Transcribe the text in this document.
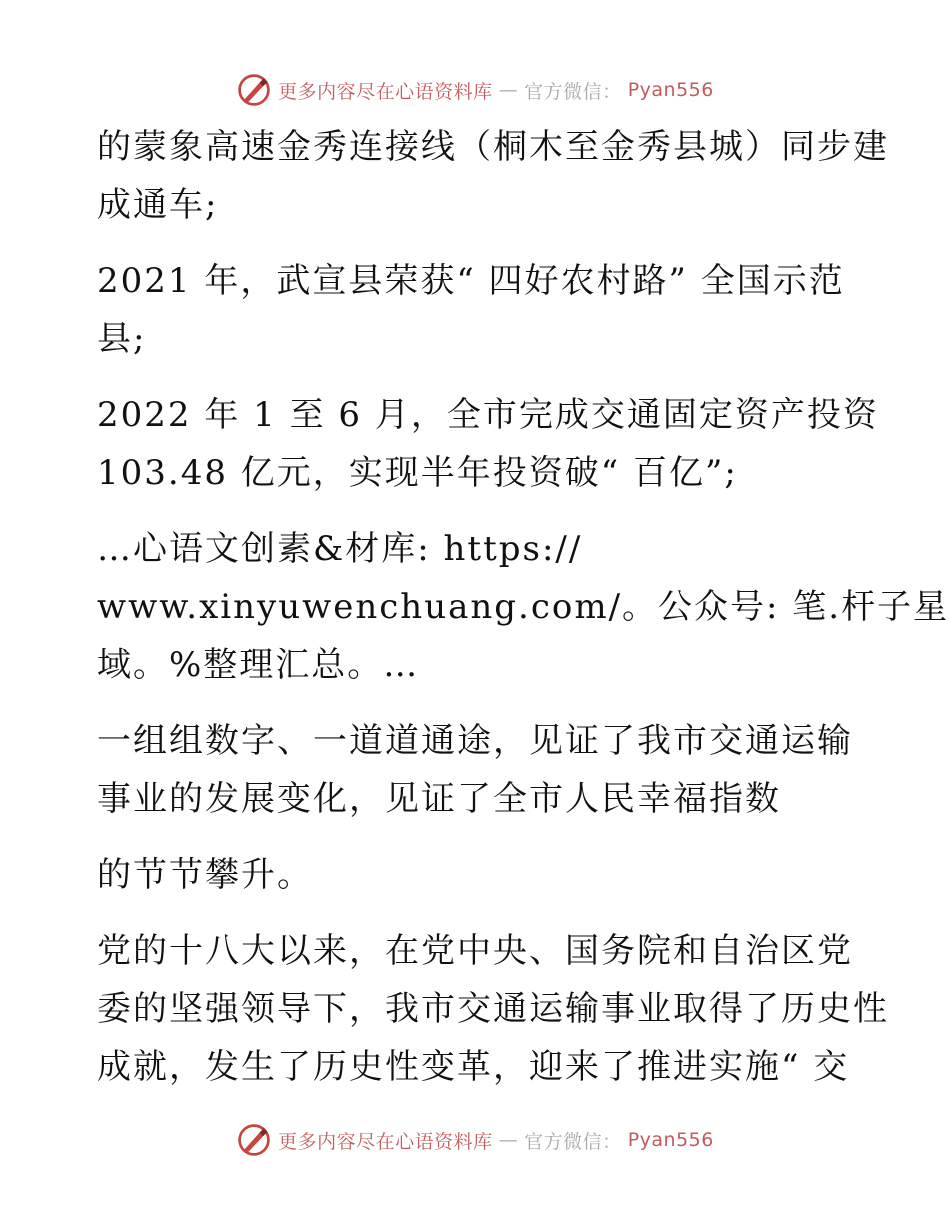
更多内容尽在心语资料库 — 官方微信： Pyan556
的蒙象高速金秀连接线（桐木至金秀县城）同步建
成通车;
2021 年，武宣县荣获“ 四好农村路” 全国示范
县;
2022 年 1 至 6 月，全市完成交通固定资产投资
103.48 亿元，实现半年投资破“ 百亿”;
…心语文创素&材库: https://
www.xinyuwenchuang.com/。公众号: 笔.杆子星
域。%整理汇总。…
一组组数字、一道道通途，见证了我市交通运输
事业的发展变化，见证了全市人民幸福指数
的节节攀升。
党的十八大以来，在党中央、国务院和自治区党
委的坚强领导下，我市交通运输事业取得了历史性
成就，发生了历史性变革，迎来了推进实施“ 交
更多内容尽在心语资料库 — 官方微信： Pyan556
